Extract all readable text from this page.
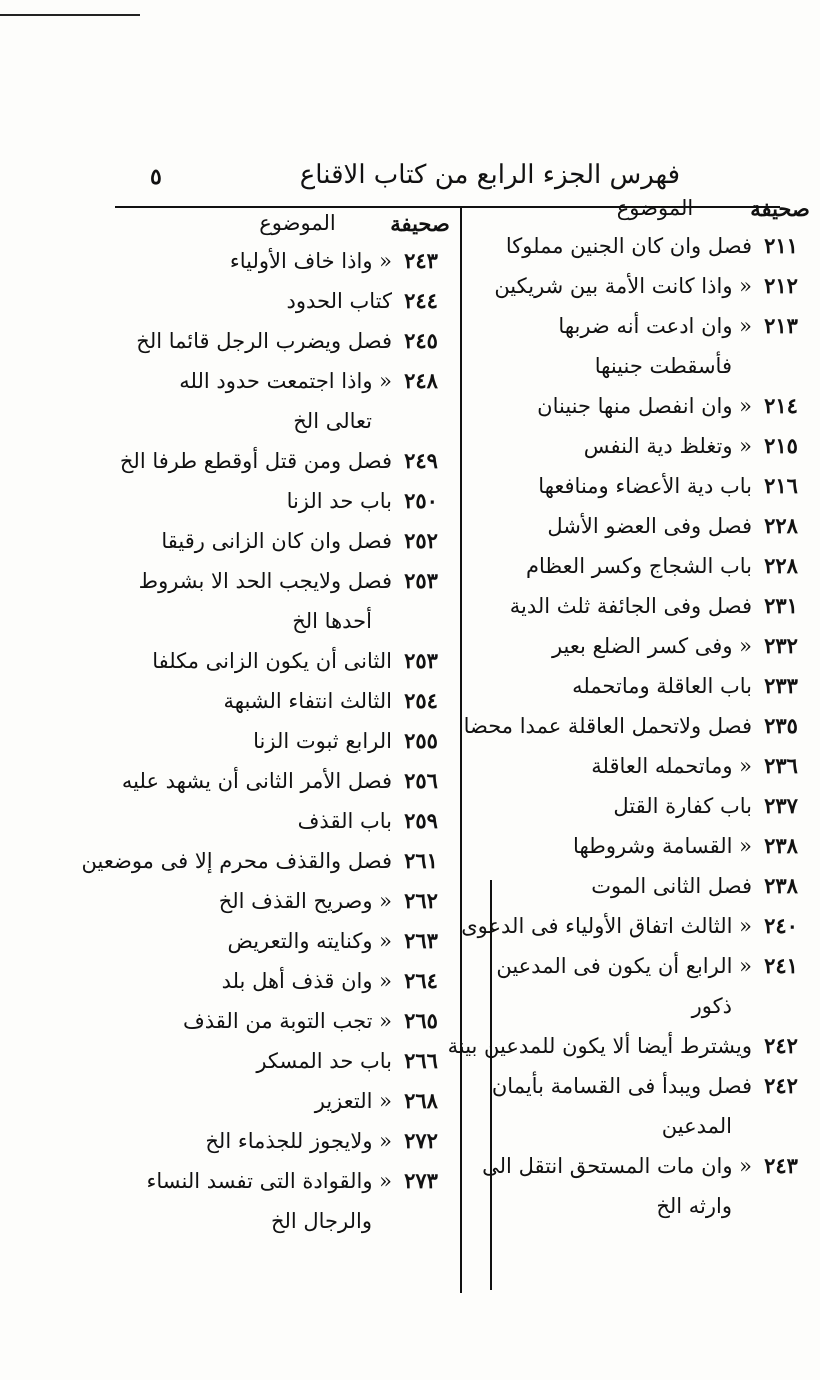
٥	فهرس الجزء الرابع من كتاب الاقناع
صحيفة
الموضوع
٢١١
فصل وان كان الجنين مملوكا
٢١٢
« واذا كانت الأمة بين شريكين
٢١٣
« وان ادعت أنه ضربها
فأسقطت جنينها
٢١٤
« وان انفصل منها جنينان
٢١٥
« وتغلظ دية النفس
٢١٦
باب دية الأعضاء ومنافعها
٢٢٨
فصل وفى العضو الأشل
٢٢٨
باب الشجاج وكسر العظام
٢٣١
فصل وفى الجائفة ثلث الدية
٢٣٢
« وفى كسر الضلع بعير
٢٣٣
باب العاقلة وماتحمله
٢٣٥
فصل ولاتحمل العاقلة عمدا محضا
٢٣٦
« وماتحمله العاقلة
٢٣٧
باب كفارة القتل
٢٣٨
« القسامة وشروطها
٢٣٨
فصل الثانى الموت
٢٤٠
« الثالث اتفاق الأولياء فى الدعوى
٢٤١
« الرابع أن يكون فى المدعين
ذكور
٢٤٢
ويشترط أيضا ألا يكون للمدعين بينة
٢٤٢
فصل ويبدأ فى القسامة بأيمان
المدعين
٢٤٣
« وان مات المستحق انتقل الى
وارثه الخ
صحيفة
الموضوع
٢٤٣
« واذا خاف الأولياء
٢٤٤
كتاب الحدود
٢٤٥
فصل ويضرب الرجل قائما الخ
٢٤٨
« واذا اجتمعت حدود الله
تعالى الخ
٢٤٩
فصل ومن قتل أوقطع طرفا الخ
٢٥٠
باب حد الزنا
٢٥٢
فصل وان كان الزانى رقيقا
٢٥٣
فصل ولايجب الحد الا بشروط
أحدها الخ
٢٥٣
الثانى أن يكون الزانى مكلفا
٢٥٤
الثالث انتفاء الشبهة
٢٥٥
الرابع ثبوت الزنا
٢٥٦
فصل الأمر الثانى أن يشهد عليه
٢٥٩
باب القذف
٢٦١
فصل والقذف محرم إلا فى موضعين
٢٦٢
« وصريح القذف الخ
٢٦٣
« وكنايته والتعريض
٢٦٤
« وان قذف أهل بلد
٢٦٥
« تجب التوبة من القذف
٢٦٦
باب حد المسكر
٢٦٨
« التعزير
٢٧٢
« ولايجوز للجذماء الخ
٢٧٣
« والقوادة التى تفسد النساء
والرجال الخ
